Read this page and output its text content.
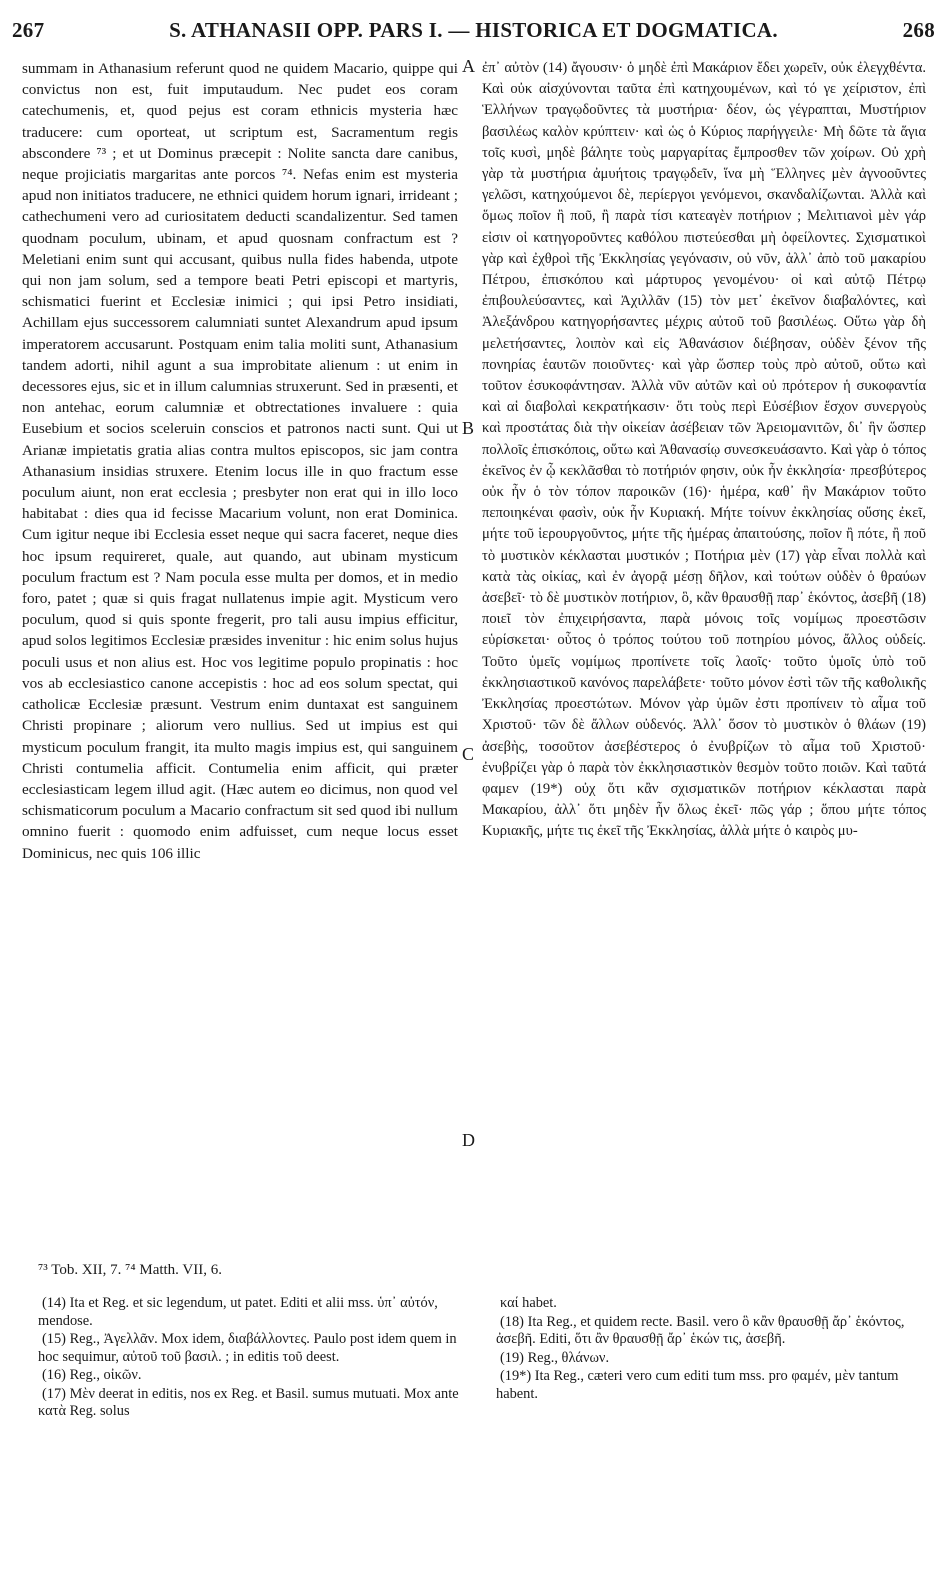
267	S. ATHANASII OPP. PARS I. — HISTORICA ET DOGMATICA.	268

summam in Athanasium referunt quod ne quidem Macario, quippe qui convictus non est, fuit imputaudum. Nec pudet eos coram catechumenis, et, quod pejus est coram ethnicis mysteria hæc traducere: cum oporteat, ut scriptum est, Sacramentum regis abscondere ⁷³ ; et ut Dominus præcepit : Nolite sancta dare canibus, neque projiciatis margaritas ante porcos ⁷⁴. Nefas enim est mysteria apud non initiatos traducere, ne ethnici quidem horum ignari, irrideant ; cathechumeni vero ad curiositatem deducti scandalizentur. Sed tamen quodnam poculum, ubinam, et apud quosnam confractum est ? Meletiani enim sunt qui accusant, quibus nulla fides habenda, utpote qui non jam solum, sed a tempore beati Petri episcopi et martyris, schismatici fuerint et Ecclesiæ inimici ; qui ipsi Petro insidiati, Achillam ejus successorem calumniati suntet Alexandrum apud ipsum imperatorem accusarunt. Postquam enim talia moliti sunt, Athanasium tandem adorti, nihil agunt a sua improbitate alienum : ut enim in decessores ejus, sic et in illum calumnias struxerunt. Sed in præsenti, et non antehac, eorum calumniæ et obtrectationes invaluere : quia Eusebium et socios sceleruin conscios et patronos nacti sunt. Qui ut Arianæ impietatis gratia alias contra multos episcopos, sic jam contra Athanasium insidias struxere. Etenim locus ille in quo fractum esse poculum aiunt, non erat ecclesia ; presbyter non erat qui in illo loco habitabat : dies qua id fecisse Macarium volunt, non erat Dominica. Cum igitur neque ibi Ecclesia esset neque qui sacra faceret, neque dies hoc ipsum requireret, quale, aut quando, aut ubinam mysticum poculum fractum est ? Nam pocula esse multa per domos, et in medio foro, patet ; quæ si quis fragat nullatenus impie agit. Mysticum vero poculum, quod si quis sponte fregerit, pro tali ausu impius efficitur, apud solos legitimos Ecclesiæ præsides invenitur : hic enim solus hujus poculi usus et non alius est. Hoc vos legitime populo propinatis : hoc vos ab ecclesiastico canone accepistis : hoc ad eos solum spectat, qui catholicæ Ecclesiæ præsunt. Vestrum enim duntaxat est sanguinem Christi propinare ; aliorum vero nullius. Sed ut impius est qui mysticum poculum frangit, ita multo magis impius est, qui sanguinem Christi contumelia afficit. Contumelia enim afficit, qui præter ecclesiasticam legem illud agit. (Hæc autem eo dicimus, non quod vel schismaticorum poculum a Macario confractum sit sed quod ibi nullum omnino fuerit : quomodo enim adfuisset, cum neque locus esset Dominicus, nec quis 106 illic

A
B
C
D

ἐπ᾽ αὐτὸν (14) ἄγουσιν· ὁ μηδὲ ἐπὶ Μακάριον ἔδει χωρεῖν, οὐκ ἐλεγχθέντα. Καὶ οὐκ αἰσχύνονται ταῦτα ἐπὶ κατηχουμένων, καὶ τό γε χείριστον, ἐπὶ Ἑλλήνων τραγῳδοῦντες τὰ μυστήρια· δέον, ὡς γέγραπται, Μυστήριον βασιλέως καλὸν κρύπτειν· καὶ ὡς ὁ Κύριος παρήγγειλε· Μὴ δῶτε τὰ ἅγια τοῖς κυσὶ, μηδὲ βάλητε τοὺς μαργαρίτας ἔμπροσθεν τῶν χοίρων. Οὐ χρὴ γὰρ τὰ μυστήρια ἀμυήτοις τραγῳδεῖν, ἵνα μὴ Ἕλληνες μὲν ἀγνοοῦντες γελῶσι, κατηχούμενοι δὲ, περίεργοι γενόμενοι, σκανδαλίζωνται. Ἀλλὰ καὶ ὅμως ποῖον ἢ ποῦ, ἢ παρὰ τίσι κατεαγὲν ποτήριον ; Μελιτιανοὶ μὲν γάρ εἰσιν οἱ κατηγοροῦντες καθόλου πιστεύεσθαι μὴ ὀφείλοντες. Σχισματικοὶ γὰρ καὶ ἐχθροὶ τῆς Ἐκκλησίας γεγόνασιν, οὐ νῦν, ἀλλ᾽ ἀπὸ τοῦ μακαρίου Πέτρου, ἐπισκόπου καὶ μάρτυρος γενομένου· οἱ καὶ αὐτῷ Πέτρῳ ἐπιβουλεύσαντες, καὶ Ἀχιλλᾶν (15) τὸν μετ᾽ ἐκεῖνον διαβαλόντες, καὶ Ἀλεξάνδρου κατηγορήσαντες μέχρις αὐτοῦ τοῦ βασιλέως. Οὕτω γὰρ δὴ μελετήσαντες, λοιπὸν καὶ εἰς Ἀθανάσιον διέβησαν, οὐδὲν ξένον τῆς πονηρίας ἑαυτῶν ποιοῦντες· καὶ γὰρ ὥσπερ τοὺς πρὸ αὐτοῦ, οὕτω καὶ τοῦτον ἐσυκοφάντησαν. Ἀλλὰ νῦν αὐτῶν καὶ οὐ πρότερον ἡ συκοφαντία καὶ αἱ διαβολαὶ κεκρατήκασιν· ὅτι τοὺς περὶ Εὐσέβιον ἔσχον συνεργοὺς καὶ προστάτας διὰ τὴν οἰκείαν ἀσέβειαν τῶν Ἀρειομανιτῶν, δι᾽ ἣν ὥσπερ πολλοῖς ἐπισκόποις, οὕτω καὶ Ἀθανασίῳ συνεσκευάσαντο. Καὶ γὰρ ὁ τόπος ἐκεῖνος ἐν ᾧ κεκλᾶσθαι τὸ ποτήριόν φησιν, οὐκ ἦν ἐκκλησία· πρεσβύτερος οὐκ ἦν ὁ τὸν τόπον παροικῶν (16)· ἡμέρα, καθ᾽ ἣν Μακάριον τοῦτο πεποιηκέναι φασὶν, οὐκ ἦν Κυριακή. Μήτε τοίνυν ἐκκλησίας οὔσης ἐκεῖ, μήτε τοῦ ἱερουργοῦντος, μήτε τῆς ἡμέρας ἀπαιτούσης, ποῖον ἢ πότε, ἢ ποῦ τὸ μυστικὸν κέκλασται μυστικόν ; Ποτήρια μὲν (17) γὰρ εἶναι πολλὰ καὶ κατὰ τὰς οἰκίας, καὶ ἐν ἀγορᾷ μέσῃ δῆλον, καὶ τούτων οὐδὲν ὁ θραύων ἀσεβεῖ· τὸ δὲ μυστικὸν ποτήριον, ὃ, κἂν θραυσθῇ παρ᾽ ἑκόντος, ἀσεβῆ (18) ποιεῖ τὸν ἐπιχειρήσαντα, παρὰ μόνοις τοῖς νομίμως προεστῶσιν εὑρίσκεται· οὗτος ὁ τρόπος τούτου τοῦ ποτηρίου μόνος, ἄλλος οὐδείς. Τοῦτο ὑμεῖς νομίμως προπίνετε τοῖς λαοῖς· τοῦτο ὑμοῖς ὑπὸ τοῦ ἐκκλησιαστικοῦ κανόνος παρελάβετε· τοῦτο μόνον ἐστὶ τῶν τῆς καθολικῆς Ἐκκλησίας προεστώτων. Μόνον γὰρ ὑμῶν ἐστι προπίνειν τὸ αἷμα τοῦ Χριστοῦ· τῶν δὲ ἄλλων οὐδενός. Ἀλλ᾽ ὅσον τὸ μυστικὸν ὁ θλάων (19) ἀσεβὴς, τοσοῦτον ἀσεβέστερος ὁ ἐνυβρίζων τὸ αἷμα τοῦ Χριστοῦ· ἐνυβρίζει γὰρ ὁ παρὰ τὸν ἐκκλησιαστικὸν θεσμὸν τοῦτο ποιῶν. Καὶ ταῦτά φαμεν (19*) οὐχ ὅτι κἂν σχισματικῶν ποτήριον κέκλασται παρὰ Μακαρίου, ἀλλ᾽ ὅτι μηδὲν ἦν ὅλως ἐκεῖ· πῶς γάρ ; ὅπου μήτε τόπος Κυριακῆς, μήτε τις ἐκεῖ τῆς Ἐκκλησίας, ἀλλὰ μήτε ὁ καιρὸς μυ-

⁷³ Tob. XII, 7. ⁷⁴ Matth. VII, 6.

(14) Ita et Reg. et sic legendum, ut patet. Editi et alii mss. ὑπ᾽ αὐτόν, mendose.

(15) Reg., Ἀγελλᾶν. Mox idem, διαβάλλοντες. Paulo post idem quem in hoc sequimur, αὐτοῦ τοῦ βασιλ. ; in editis τοῦ deest.

(16) Reg., οἰκῶν.

(17) Μὲν deerat in editis, nos ex Reg. et Basil. sumus mutuati. Mox ante κατὰ Reg. solus

καί habet.

(18) Ita Reg., et quidem recte. Basil. vero ὃ κἂν θραυσθῇ ἄρ᾽ ἑκόντος, ἀσεβῆ. Editi, ὅτι ἂν θραυσθῇ ἄρ᾽ ἑκών τις, ἀσεβῆ.

(19) Reg., θλάνων.

(19*) Ita Reg., cæteri vero cum editi tum mss. pro φαμέν, μὲν tantum habent.
